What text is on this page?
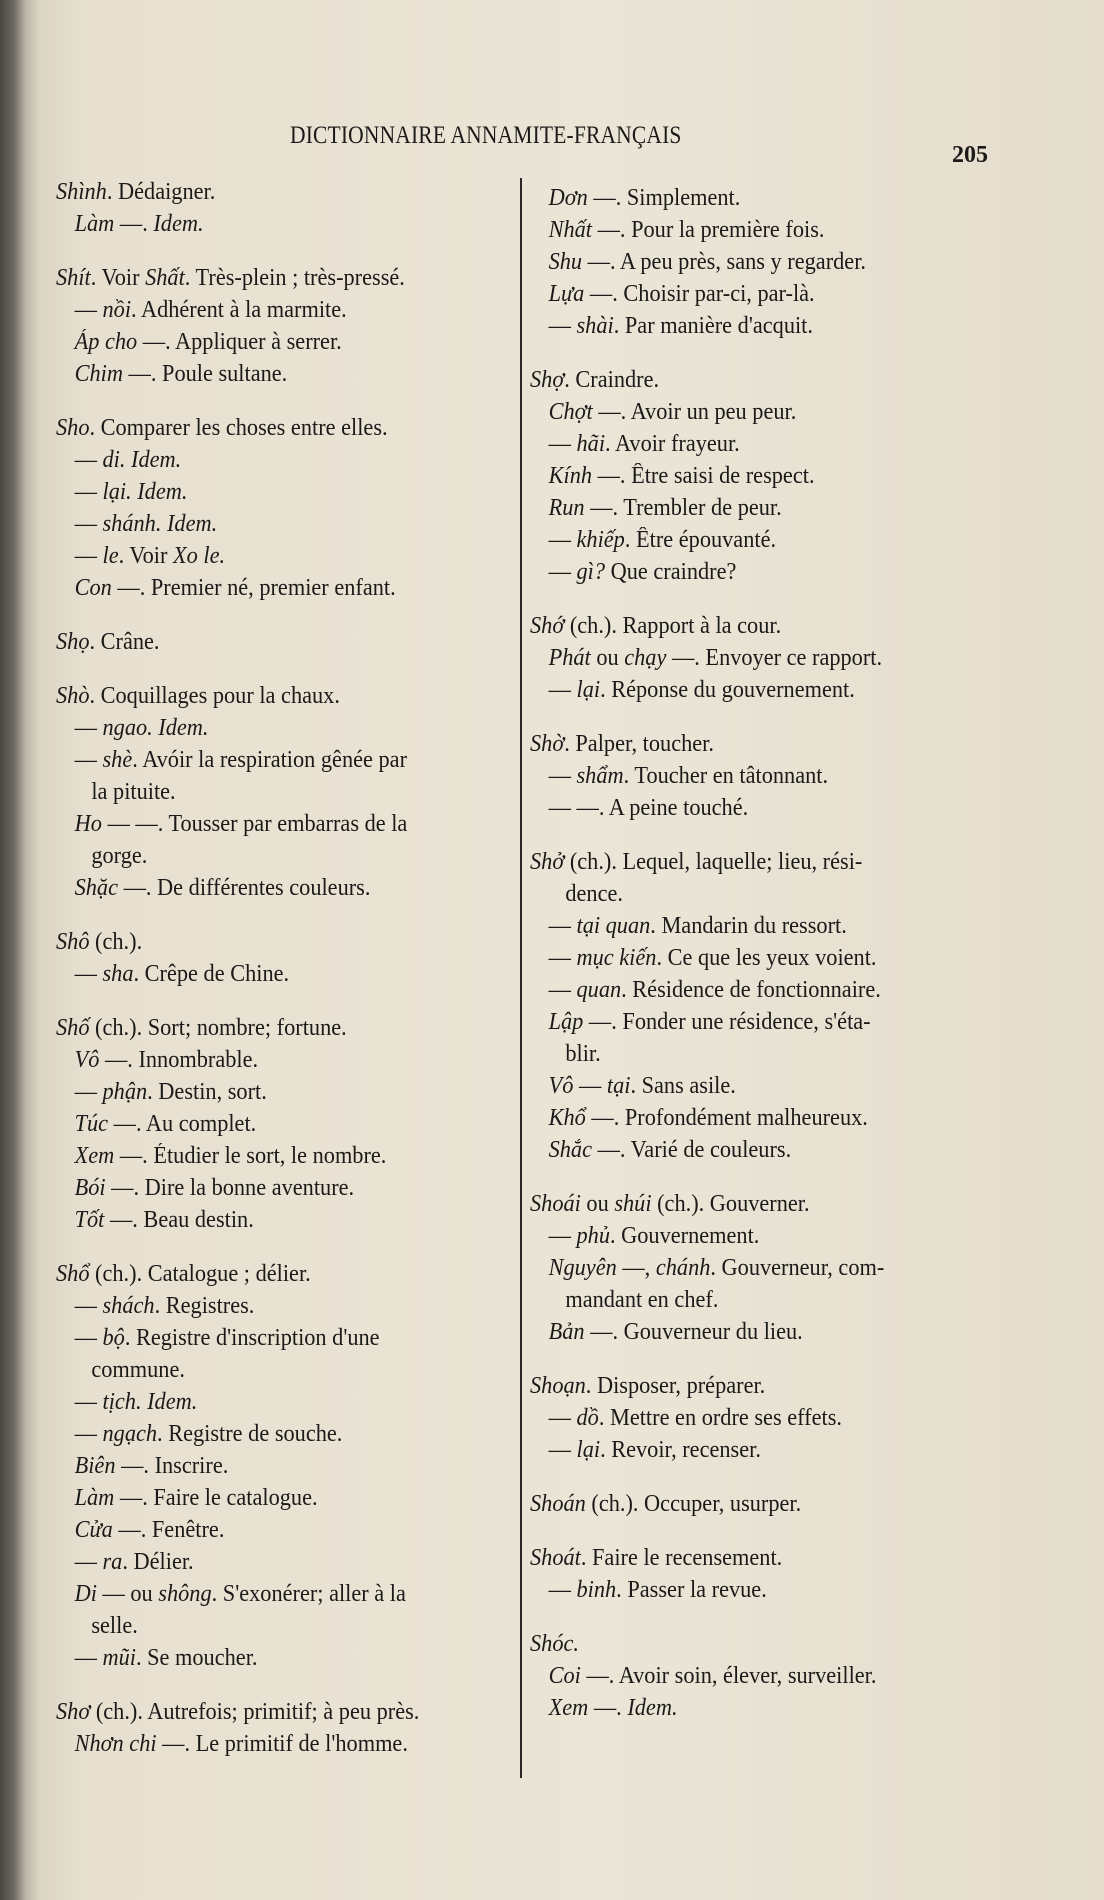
DICTIONNAIRE ANNAMITE-FRANÇAIS
205
Shình. Dédaigner.
Làm —. Idem.
Shít. Voir Shất. Très-plein ; très-pressé.
— nồi. Adhérent à la marmite.
Áp cho —. Appliquer à serrer.
Chim —. Poule sultane.
Sho. Comparer les choses entre elles.
— di. Idem.
— lại. Idem.
— shánh. Idem.
— le. Voir Xo le.
Con —. Premier né, premier enfant.
Shọ. Crâne.
Shò. Coquillages pour la chaux.
— ngao. Idem.
— shè. Avóir la respiration gênée par
la pituite.
Ho — —. Tousser par embarras de la
gorge.
Shặc —. De différentes couleurs.
Shô (ch.).
— sha. Crêpe de Chine.
Shố (ch.). Sort; nombre; fortune.
Vô —. Innombrable.
— phận. Destin, sort.
Túc —. Au complet.
Xem —. Étudier le sort, le nombre.
Bói —. Dire la bonne aventure.
Tốt —. Beau destin.
Shổ (ch.). Catalogue ; délier.
— shách. Registres.
— bộ. Registre d'inscription d'une
commune.
— tịch. Idem.
— ngạch. Registre de souche.
Biên —. Inscrire.
Làm —. Faire le catalogue.
Cửa —. Fenêtre.
— ra. Délier.
Di — ou shông. S'exonérer; aller à la
selle.
— mũi. Se moucher.
Shơ (ch.). Autrefois; primitif; à peu près.
Nhơn chi —. Le primitif de l'homme.
Dơn —. Simplement.
Nhất —. Pour la première fois.
Shu —. A peu près, sans y regarder.
Lựa —. Choisir par-ci, par-là.
— shài. Par manière d'acquit.
Shợ. Craindre.
Chợt —. Avoir un peu peur.
— hãi. Avoir frayeur.
Kính —. Être saisi de respect.
Run —. Trembler de peur.
— khiếp. Être épouvanté.
— gì? Que craindre?
Shớ (ch.). Rapport à la cour.
Phát ou chạy —. Envoyer ce rapport.
— lại. Réponse du gouvernement.
Shờ. Palper, toucher.
— shẩm. Toucher en tâtonnant.
— —. A peine touché.
Shở (ch.). Lequel, laquelle; lieu, rési-
dence.
— tại quan. Mandarin du ressort.
— mục kiến. Ce que les yeux voient.
— quan. Résidence de fonctionnaire.
Lập —. Fonder une résidence, s'éta-
blir.
Vô — tại. Sans asile.
Khổ —. Profondément malheureux.
Shắc —. Varié de couleurs.
Shoái ou shúi (ch.). Gouverner.
— phủ. Gouvernement.
Nguyên —, chánh. Gouverneur, com-
mandant en chef.
Bản —. Gouverneur du lieu.
Shoạn. Disposer, préparer.
— dồ. Mettre en ordre ses effets.
— lại. Revoir, recenser.
Shoán (ch.). Occuper, usurper.
Shoát. Faire le recensement.
— binh. Passer la revue.
Shóc.
Coi —. Avoir soin, élever, surveiller.
Xem —. Idem.
